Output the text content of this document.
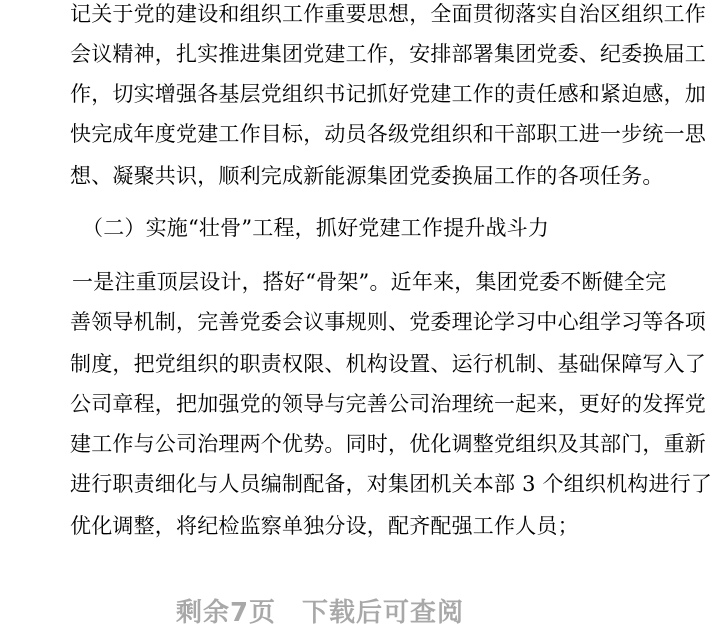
记关于党的建设和组织工作重要思想，全面贯彻落实自治区组织工作
会议精神，扎实推进集团党建工作，安排部署集团党委、纪委换届工
作，切实增强各基层党组织书记抓好党建工作的责任感和紧迫感，加
快完成年度党建工作目标，动员各级党组织和干部职工进一步统一思
想、凝聚共识，顺利完成新能源集团党委换届工作的各项任务。
（二）实施“壮骨”工程，抓好党建工作提升战斗力
一是注重顶层设计，搭好“骨架”。近年来，集团党委不断健全完
善领导机制，完善党委会议事规则、党委理论学习中心组学习等各项
制度，把党组织的职责权限、机构设置、运行机制、基础保障写入了
公司章程，把加强党的领导与完善公司治理统一起来，更好的发挥党
建工作与公司治理两个优势。同时，优化调整党组织及其部门，重新
进行职责细化与人员编制配备，对集团机关本部 3 个组织机构进行了
优化调整，将纪检监察单独分设，配齐配强工作人员；
剩余7页 下载后可查阅
